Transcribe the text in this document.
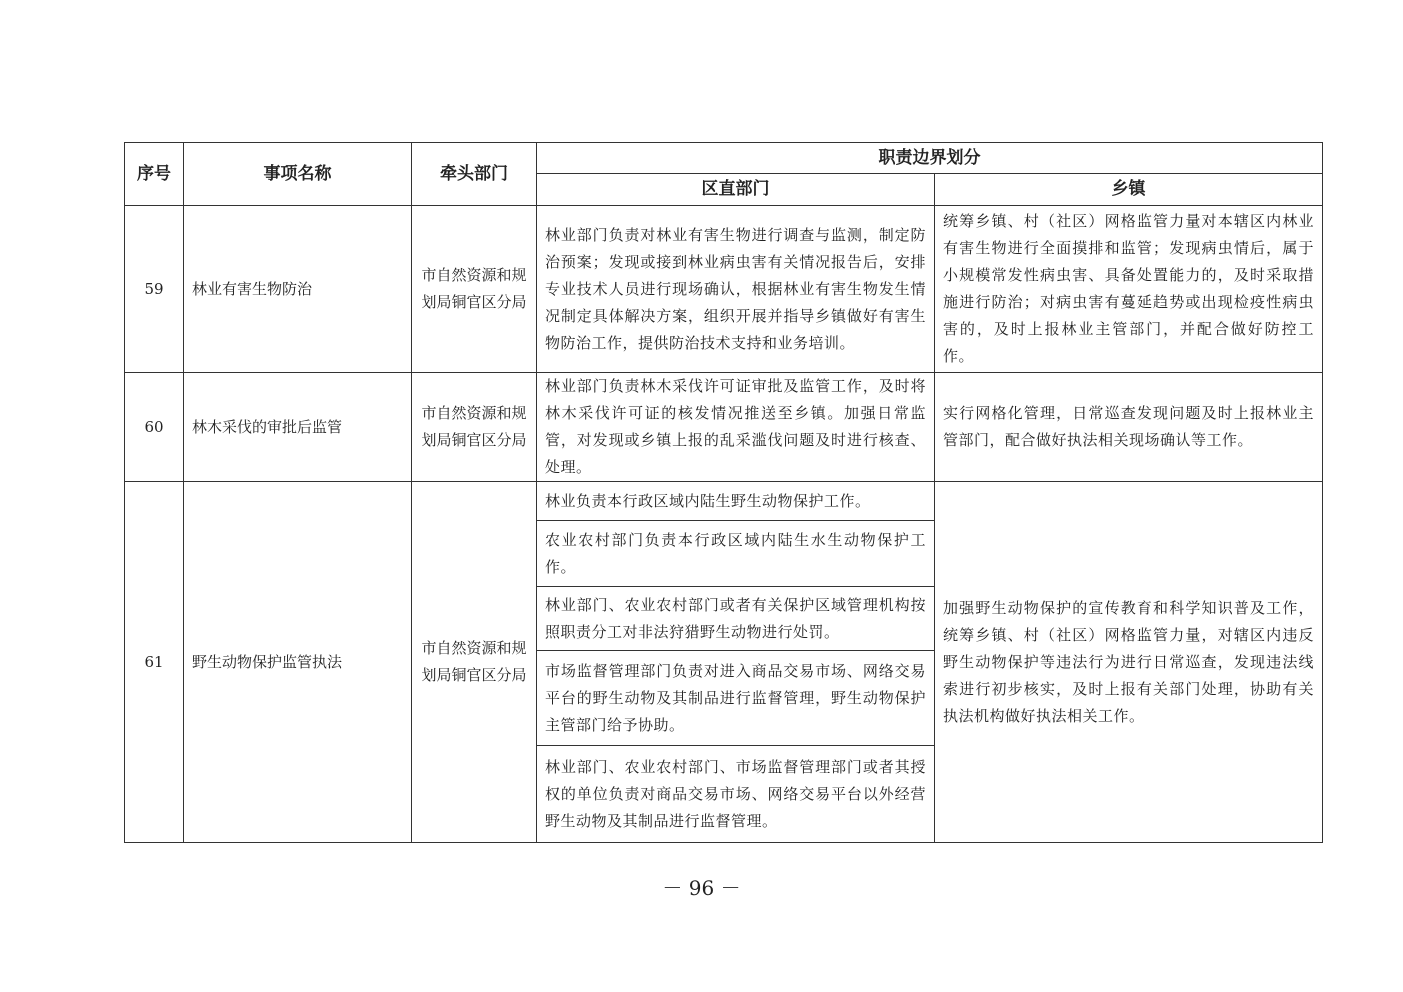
序号	事项名称	牵头部门	职责边界划分	
			区直部门	乡镇
59	林业有害生物防治	市自然资源和规划局铜官区分局	林业部门负责对林业有害生物进行调查与监测，制定防治预案；发现或接到林业病虫害有关情况报告后，安排专业技术人员进行现场确认，根据林业有害生物发生情况制定具体解决方案，组织开展并指导乡镇做好有害生物防治工作，提供防治技术支持和业务培训。	统筹乡镇、村（社区）网格监管力量对本辖区内林业有害生物进行全面摸排和监管；发现病虫情后，属于小规模常发性病虫害、具备处置能力的，及时采取措施进行防治；对病虫害有蔓延趋势或出现检疫性病虫害的，及时上报林业主管部门，并配合做好防控工作。
60	林木采伐的审批后监管	市自然资源和规划局铜官区分局	林业部门负责林木采伐许可证审批及监管工作，及时将林木采伐许可证的核发情况推送至乡镇。加强日常监管，对发现或乡镇上报的乱采滥伐问题及时进行核查、处理。	实行网格化管理，日常巡查发现问题及时上报林业主管部门，配合做好执法相关现场确认等工作。
61	野生动物保护监管执法	市自然资源和规划局铜官区分局	林业负责本行政区域内陆生野生动物保护工作。	加强野生动物保护的宣传教育和科学知识普及工作，统筹乡镇、村（社区）网格监管力量，对辖区内违反野生动物保护等违法行为进行日常巡查，发现违法线索进行初步核实，及时上报有关部门处理，协助有关执法机构做好执法相关工作。
			农业农村部门负责本行政区域内陆生水生动物保护工作。	
			林业部门、农业农村部门或者有关保护区域管理机构按照职责分工对非法狩猎野生动物进行处罚。	
			市场监督管理部门负责对进入商品交易市场、网络交易平台的野生动物及其制品进行监督管理，野生动物保护主管部门给予协助。	
			林业部门、农业农村部门、市场监督管理部门或者其授权的单位负责对商品交易市场、网络交易平台以外经营野生动物及其制品进行监督管理。	
－ 96 －
